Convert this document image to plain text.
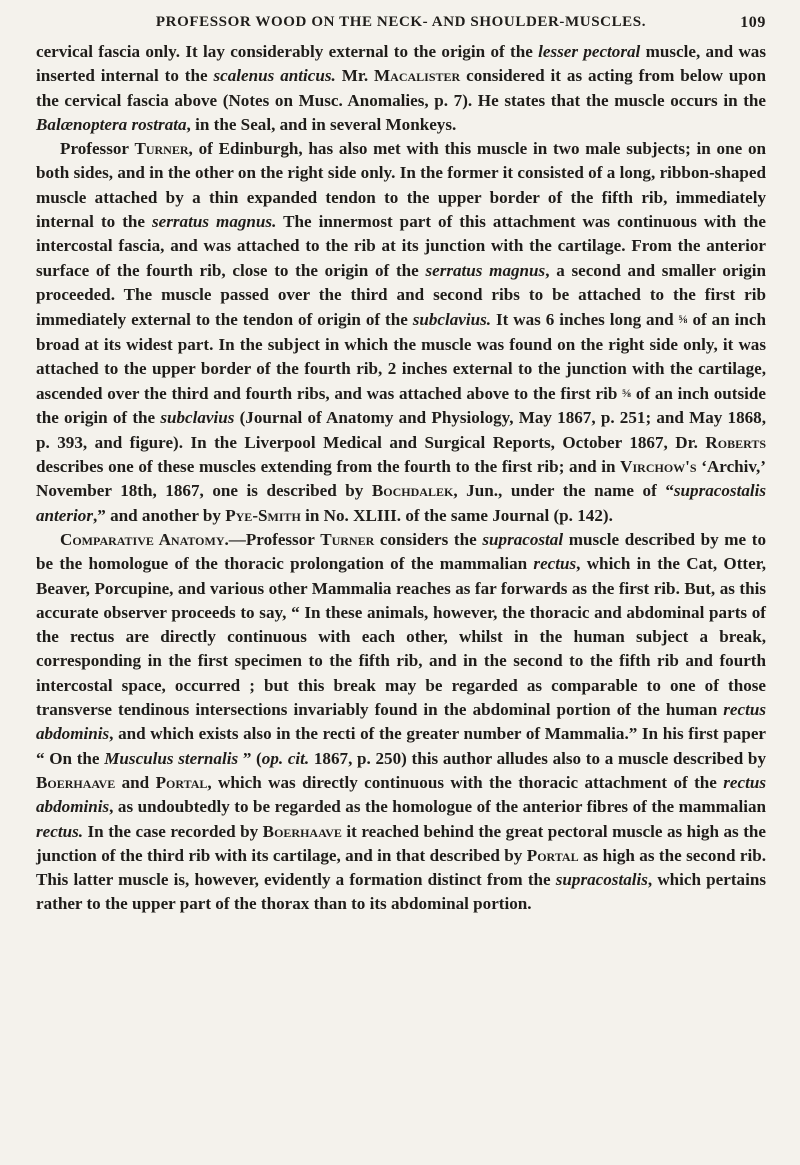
PROFESSOR WOOD ON THE NECK- AND SHOULDER-MUSCLES.	109

cervical fascia only. It lay considerably external to the origin of the lesser pectoral muscle, and was inserted internal to the scalenus anticus. Mr. Macalister considered it as acting from below upon the cervical fascia above (Notes on Musc. Anomalies, p. 7). He states that the muscle occurs in the Balænoptera rostrata, in the Seal, and in several Monkeys.

Professor Turner, of Edinburgh, has also met with this muscle in two male subjects; in one on both sides, and in the other on the right side only. In the former it consisted of a long, ribbon-shaped muscle attached by a thin expanded tendon to the upper border of the fifth rib, immediately internal to the serratus magnus. The innermost part of this attachment was continuous with the intercostal fascia, and was attached to the rib at its junction with the cartilage. From the anterior surface of the fourth rib, close to the origin of the serratus magnus, a second and smaller origin proceeded. The muscle passed over the third and second ribs to be attached to the first rib immediately external to the tendon of origin of the subclavius. It was 6 inches long and ⅝ of an inch broad at its widest part. In the subject in which the muscle was found on the right side only, it was attached to the upper border of the fourth rib, 2 inches external to the junction with the cartilage, ascended over the third and fourth ribs, and was attached above to the first rib ⅝ of an inch outside the origin of the subclavius (Journal of Anatomy and Physiology, May 1867, p. 251; and May 1868, p. 393, and figure). In the Liverpool Medical and Surgical Reports, October 1867, Dr. Roberts describes one of these muscles extending from the fourth to the first rib; and in Virchow's ‘Archiv,’ November 18th, 1867, one is described by Bochdalek, Jun., under the name of “supracostalis anterior,” and another by Pye-Smith in No. XLIII. of the same Journal (p. 142).

Comparative Anatomy.—Professor Turner considers the supracostal muscle described by me to be the homologue of the thoracic prolongation of the mammalian rectus, which in the Cat, Otter, Beaver, Porcupine, and various other Mammalia reaches as far forwards as the first rib. But, as this accurate observer proceeds to say, “ In these animals, however, the thoracic and abdominal parts of the rectus are directly continuous with each other, whilst in the human subject a break, corresponding in the first specimen to the fifth rib, and in the second to the fifth rib and fourth intercostal space, occurred ; but this break may be regarded as comparable to one of those transverse tendinous intersections invariably found in the abdominal portion of the human rectus abdominis, and which exists also in the recti of the greater number of Mammalia.” In his first paper “ On the Musculus sternalis ” (op. cit. 1867, p. 250) this author alludes also to a muscle described by Boerhaave and Portal, which was directly continuous with the thoracic attachment of the rectus abdominis, as undoubtedly to be regarded as the homologue of the anterior fibres of the mammalian rectus. In the case recorded by Boerhaave it reached behind the great pectoral muscle as high as the junction of the third rib with its cartilage, and in that described by Portal as high as the second rib. This latter muscle is, however, evidently a formation distinct from the supracostalis, which pertains rather to the upper part of the thorax than to its abdominal portion.
